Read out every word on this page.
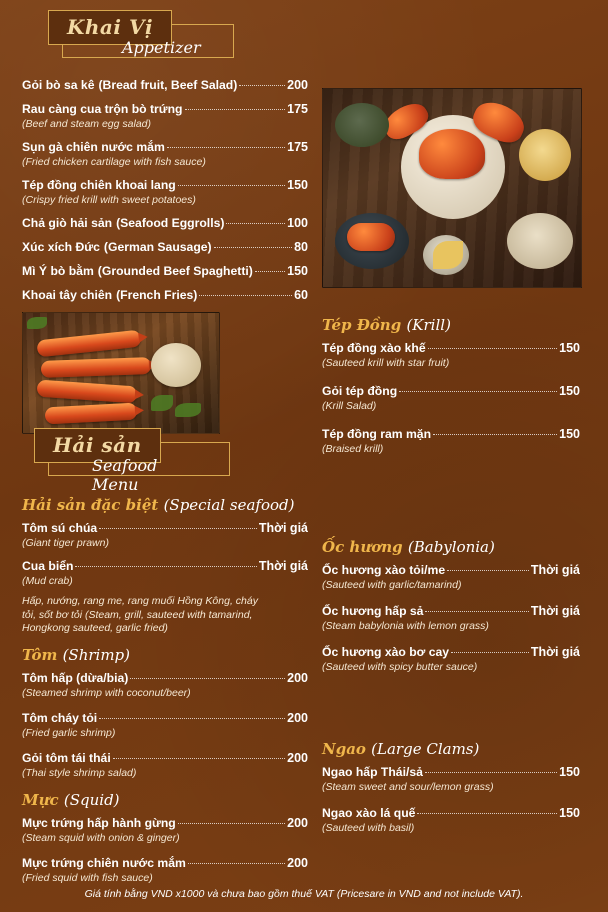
Khai Vị
Appetizer
Gỏi bò sa kê (Bread fruit, Beef Salad)	200
Rau càng cua trộn bò trứng	175
(Beef and steam egg salad)
Sụn gà chiên nước mắm	175
(Fried chicken cartilage with fish sauce)
Tép đồng chiên khoai lang	150
(Crispy fried krill with sweet potatoes)
Chả giò hải sản (Seafood Eggrolls)	100
Xúc xích Đức (German Sausage)	80
Mì Ý bò bằm (Grounded Beef Spaghetti)	150
Khoai tây chiên (French Fries)	60
Tép Đồng (Krill)
Tép đồng xào khế	150
(Sauteed krill with star fruit)
Gỏi tép đồng	150
(Krill Salad)
Tép đồng ram mặn	150
(Braised krill)
Hải sản
Seafood Menu
Hải sản đặc biệt (Special seafood)
Tôm sú chúa	Thời giá
(Giant tiger prawn)
Cua biển	Thời giá
(Mud crab)
Hấp, nướng, rang me, rang muối Hồng Kông, cháy tỏi, sốt bơ tỏi (Steam, grill, sauteed with tamarind, Hongkong sauteed, garlic fried)
Tôm (Shrimp)
Tôm hấp (dừa/bia)	200
(Steamed shrimp with coconut/beer)
Tôm cháy tỏi	200
(Fried garlic shrimp)
Gỏi tôm tái thái	200
(Thai style shrimp salad)
Mực (Squid)
Mực trứng hấp hành gừng	200
(Steam squid with onion & ginger)
Mực trứng chiên nước mắm	200
(Fried squid with fish sauce)
Ốc hương (Babylonia)
Ốc hương xào tỏi/me	Thời giá
(Sauteed with garlic/tamarind)
Ốc hương hấp sả	Thời giá
(Steam babylonia with lemon grass)
Ốc hương xào bơ cay	Thời giá
(Sauteed with spicy butter sauce)
Ngao (Large Clams)
Ngao hấp Thái/sả	150
(Steam sweet and sour/lemon grass)
Ngao xào lá quế	150
(Sauteed with basil)
Giá tính bằng VND x1000 và chưa bao gồm thuế VAT (Pricesare in VND and not include VAT).
